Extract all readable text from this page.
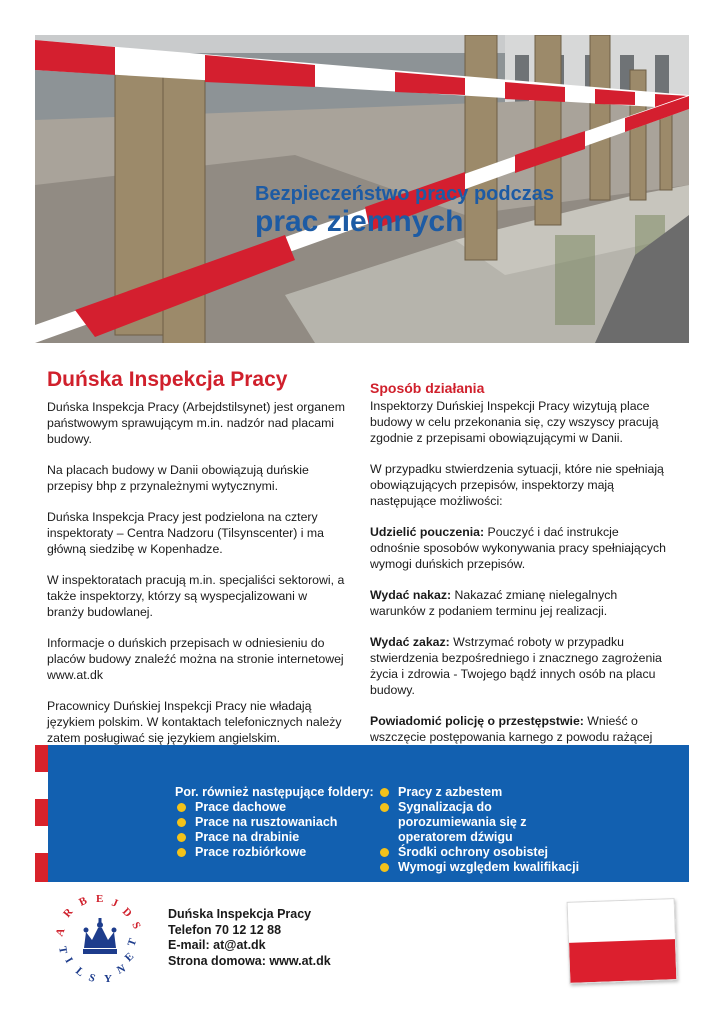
Bezpieczeństwo pracy podczas
prac ziemnych
Duńska Inspekcja Pracy

Duńska Inspekcja Pracy (Arbejdstilsynet) jest organem państwowym sprawującym m.in. nadzór nad placami budowy.

Na placach budowy w Danii obowiązują duńskie przepisy bhp z przynależnymi wytycznymi.

Duńska Inspekcja Pracy jest podzielona na cztery inspektoraty – Centra Nadzoru (Tilsynscenter) i ma główną siedzibę w Kopenhadze.

W inspektoratach pracują m.in. specjaliści sektorowi, a także inspektorzy, którzy są wyspecjalizowani w branży budowlanej.

Informacje o duńskich przepisach w odniesieniu do placów budowy znaleźć można na stronie internetowej www.at.dk

Pracownicy Duńskiej Inspekcji Pracy nie władają językiem polskim. W kontaktach telefonicznych należy zatem posługiwać się językiem angielskim.

Sposób działania

Inspektorzy Duńskiej Inspekcji Pracy wizytują place budowy w celu przekonania się, czy wszyscy pracują zgodnie z przepisami obowiązującymi w Danii.

W przypadku stwierdzenia sytuacji, które nie spełniają obowiązujących przepisów, inspektorzy mają następujące możliwości:

Udzielić pouczenia: Pouczyć i dać instrukcje odnośnie sposobów wykonywania pracy spełniających wymogi duńskich przepisów.

Wydać nakaz: Nakazać zmianę nielegalnych warunków z podaniem terminu jej realizacji.

Wydać zakaz: Wstrzymać roboty w przypadku stwierdzenia bezpośredniego i znacznego zagrożenia życia i zdrowia - Twojego bądź innych osób na placu budowy.

Powiadomić policję o przestępstwie: Wnieść o wszczęcie postępowania karnego z powodu rażącej

Por. również następujące foldery:
Prace dachowe
Prace na rusztowaniach
Prace na drabinie
Prace rozbiórkowe
Pracy z azbestem
Sygnalizacja do
porozumiewania się z
operatorem dźwigu
Środki ochrony osobistej
Wymogi względem kwalifikacji
A
R
B E J
D
S
T
E
N
Y
S
L
I
T
Duńska Inspekcja Pracy
Telefon 70 12 12 88
E-mail: at@at.dk
Strona domowa: www.at.dk
